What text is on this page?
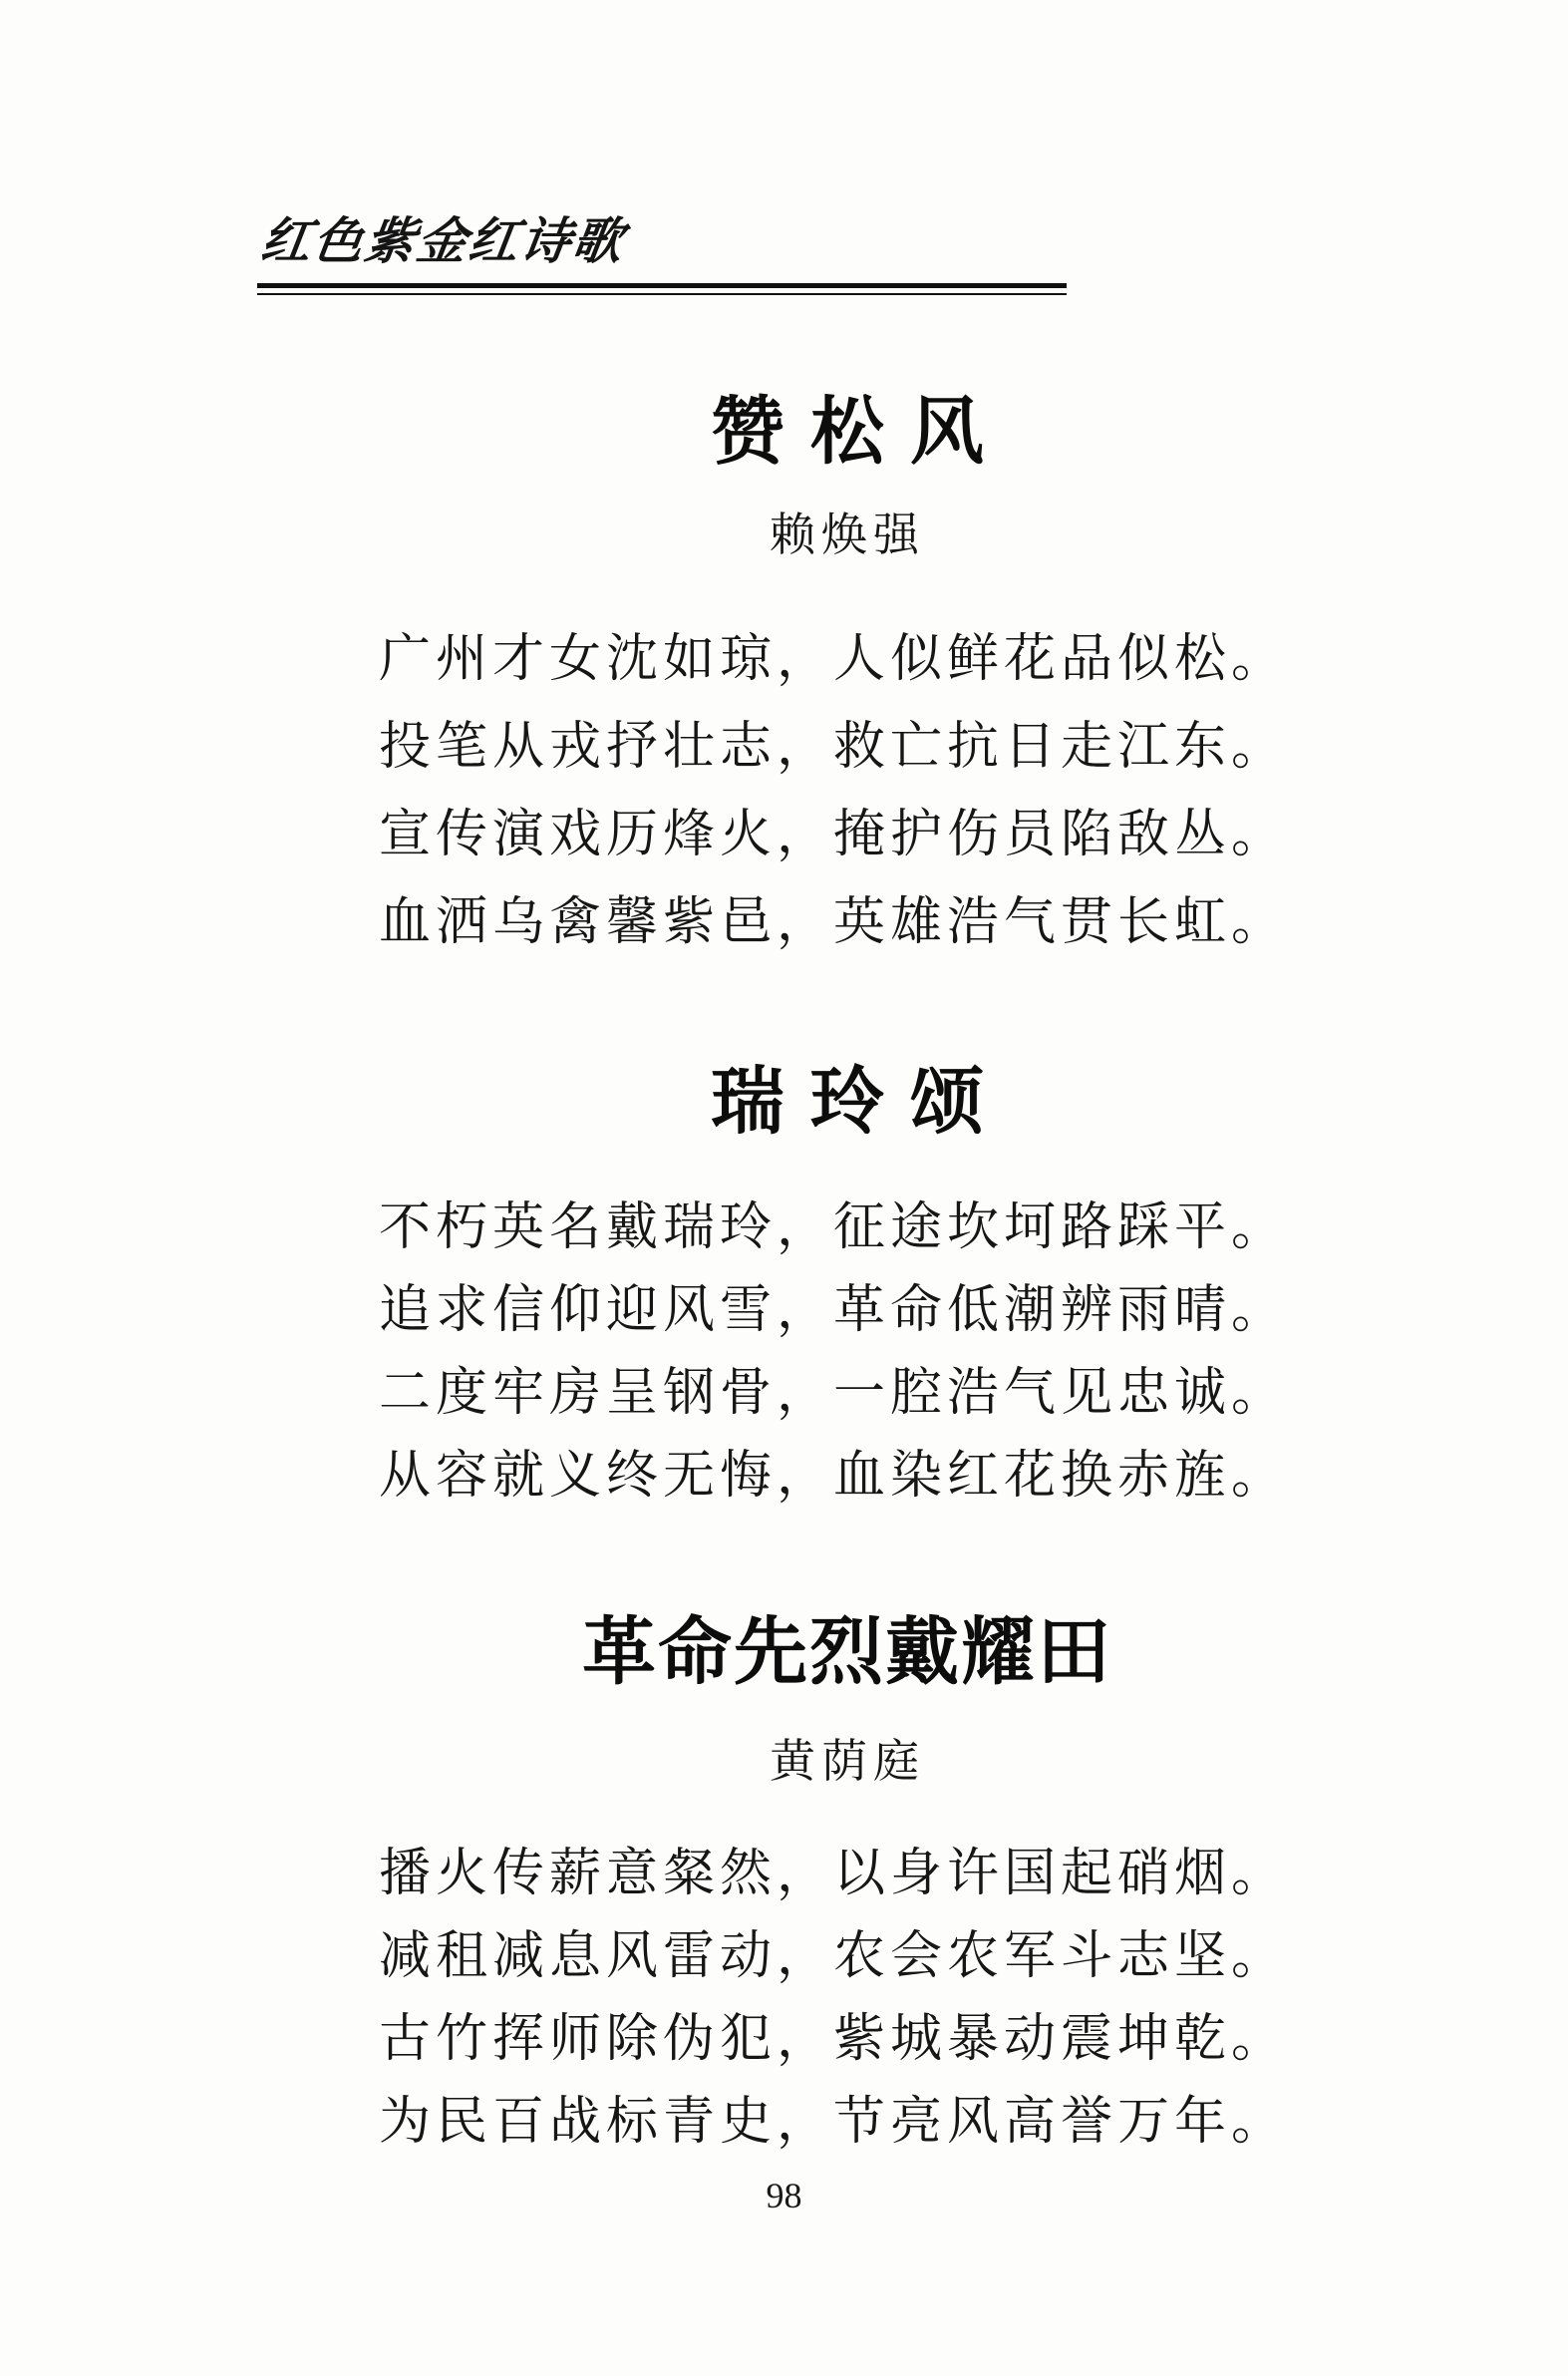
红色紫金红诗歌
赞松风
赖焕强
广州才女沈如琼，人似鲜花品似松。
投笔从戎抒壮志，救亡抗日走江东。
宣传演戏历烽火，掩护伤员陷敌丛。
血洒乌禽馨紫邑，英雄浩气贯长虹。
瑞玲颂
不朽英名戴瑞玲，征途坎坷路踩平。
追求信仰迎风雪，革命低潮辨雨晴。
二度牢房呈钢骨，一腔浩气见忠诚。
从容就义终无悔，血染红花换赤旌。
革命先烈戴耀田
黄荫庭
播火传薪意粲然，以身许国起硝烟。
减租减息风雷动，农会农军斗志坚。
古竹挥师除伪犯，紫城暴动震坤乾。
为民百战标青史，节亮风高誉万年。
98
